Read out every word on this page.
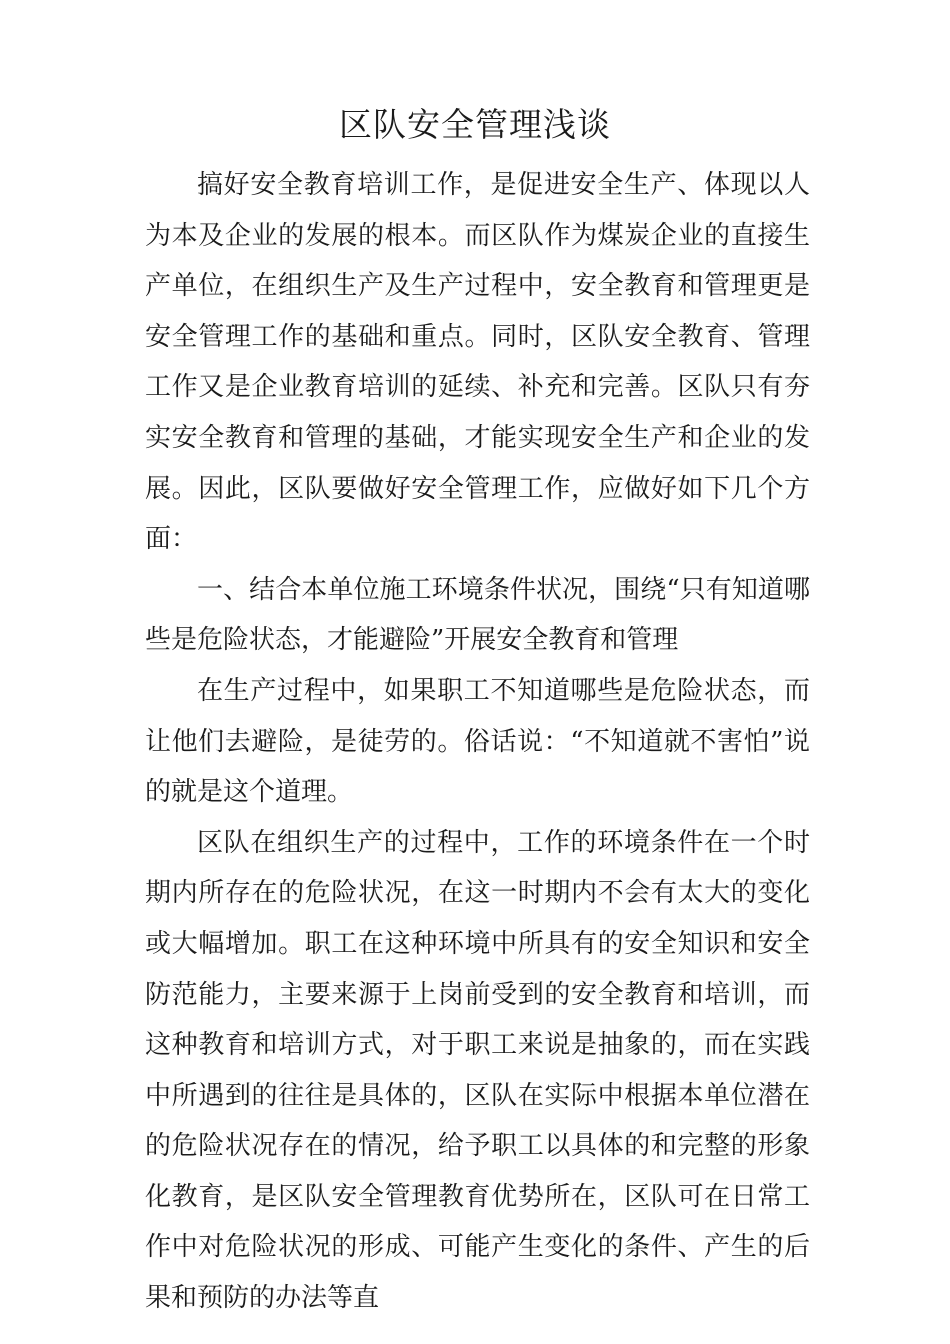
区队安全管理浅谈

搞好安全教育培训工作，是促进安全生产、体现以人为本及企业的发展的根本。而区队作为煤炭企业的直接生产单位，在组织生产及生产过程中，安全教育和管理更是安全管理工作的基础和重点。同时，区队安全教育、管理工作又是企业教育培训的延续、补充和完善。区队只有夯实安全教育和管理的基础，才能实现安全生产和企业的发展。因此，区队要做好安全管理工作，应做好如下几个方面：

一、结合本单位施工环境条件状况，围绕“只有知道哪些是危险状态，才能避险”开展安全教育和管理

在生产过程中，如果职工不知道哪些是危险状态，而让他们去避险，是徒劳的。俗话说：“不知道就不害怕”说的就是这个道理。

区队在组织生产的过程中，工作的环境条件在一个时期内所存在的危险状况，在这一时期内不会有太大的变化或大幅增加。职工在这种环境中所具有的安全知识和安全防范能力，主要来源于上岗前受到的安全教育和培训，而这种教育和培训方式，对于职工来说是抽象的，而在实践中所遇到的往往是具体的，区队在实际中根据本单位潜在的危险状况存在的情况，给予职工以具体的和完整的形象化教育，是区队安全管理教育优势所在，区队可在日常工作中对危险状况的形成、可能产生变化的条件、产生的后果和预防的办法等直
